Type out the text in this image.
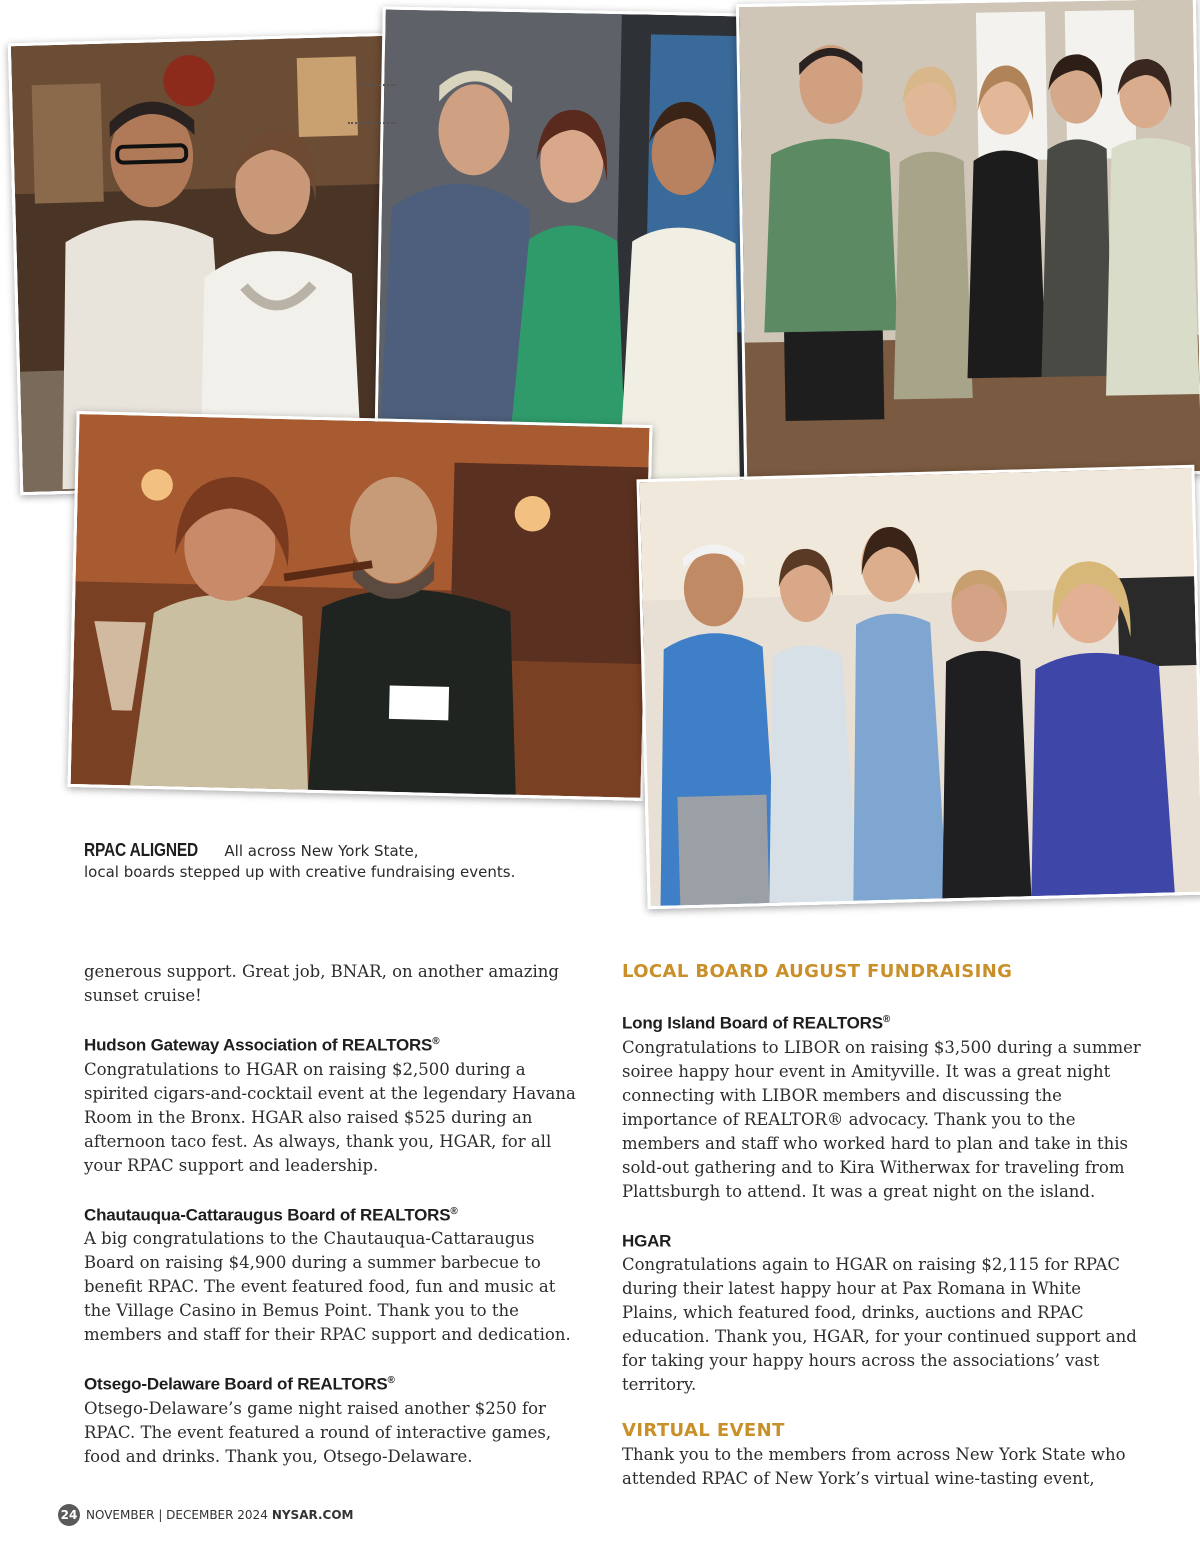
RPAC ALIGNED All across New York State,
local boards stepped up with creative fundraising events.

generous support. Great job, BNAR, on another amazing sunset cruise!

Hudson Gateway Association of REALTORS®

Congratulations to HGAR on raising $2,500 during a spirited cigars-and-cocktail event at the legendary Havana Room in the Bronx. HGAR also raised $525 during an afternoon taco fest. As always, thank you, HGAR, for all your RPAC support and leadership.

Chautauqua-Cattaraugus Board of REALTORS®

A big congratulations to the Chautauqua-Cattaraugus Board on raising $4,900 during a summer barbecue to benefit RPAC. The event featured food, fun and music at the Village Casino in Bemus Point. Thank you to the members and staff for their RPAC support and dedication.

Otsego-Delaware Board of REALTORS®

Otsego-Delaware’s game night raised another $250 for RPAC. The event featured a round of interactive games, food and drinks. Thank you, Otsego-Delaware.

LOCAL BOARD AUGUST FUNDRAISING
Long Island Board of REALTORS®

Congratulations to LIBOR on raising $3,500 during a summer soiree happy hour event in Amityville. It was a great night connecting with LIBOR members and discussing the importance of REALTOR® advocacy. Thank you to the members and staff who worked hard to plan and take in this sold-out gathering and to Kira Witherwax for traveling from Plattsburgh to attend. It was a great night on the island.

HGAR

Congratulations again to HGAR on raising $2,115 for RPAC during their latest happy hour at Pax Romana in White Plains, which featured food, drinks, auctions and RPAC education. Thank you, HGAR, for your continued support and for taking your happy hours across the associations’ vast territory.

VIRTUAL EVENT

Thank you to the members from across New York State who attended RPAC of New York’s virtual wine-tasting event,

24 NOVEMBER | DECEMBER 2024 NYSAR.COM
